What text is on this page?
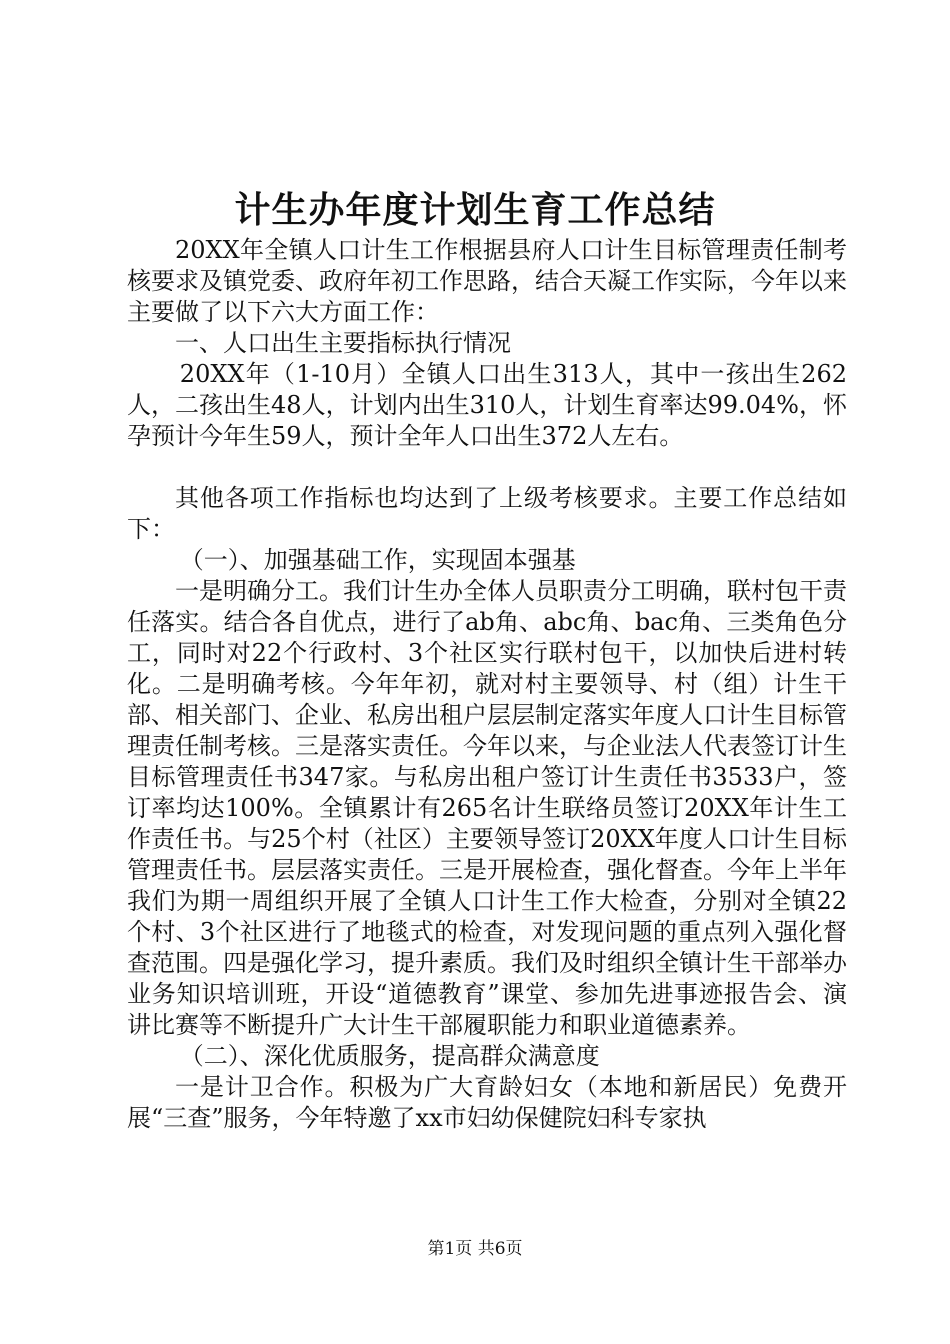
计生办年度计划生育工作总结

20XX年全镇人口计生工作根据县府人口计生目标管理责任制考核要求及镇党委、政府年初工作思路，结合天凝工作实际，今年以来主要做了以下六大方面工作：

一、人口出生主要指标执行情况

20XX年（1-10月）全镇人口出生313人，其中一孩出生262人，二孩出生48人，计划内出生310人，计划生育率达99.04%，怀孕预计今年生59人，预计全年人口出生372人左右。

其他各项工作指标也均达到了上级考核要求。主要工作总结如下：

（一）、加强基础工作，实现固本强基

一是明确分工。我们计生办全体人员职责分工明确，联村包干责任落实。结合各自优点，进行了ab角、abc角、bac角、三类角色分工，同时对22个行政村、3个社区实行联村包干，以加快后进村转化。二是明确考核。今年年初，就对村主要领导、村（组）计生干部、相关部门、企业、私房出租户层层制定落实年度人口计生目标管理责任制考核。三是落实责任。今年以来，与企业法人代表签订计生目标管理责任书347家。与私房出租户签订计生责任书3533户，签订率均达100%。全镇累计有265名计生联络员签订20XX年计生工作责任书。与25个村（社区）主要领导签订20XX年度人口计生目标管理责任书。层层落实责任。三是开展检查，强化督查。今年上半年我们为期一周组织开展了全镇人口计生工作大检查，分别对全镇22个村、3个社区进行了地毯式的检查，对发现问题的重点列入强化督查范围。四是强化学习，提升素质。我们及时组织全镇计生干部举办业务知识培训班，开设“道德教育”课堂、参加先进事迹报告会、演讲比赛等不断提升广大计生干部履职能力和职业道德素养。

（二）、深化优质服务，提高群众满意度

一是计卫合作。积极为广大育龄妇女（本地和新居民）免费开展“三查”服务，今年特邀了xx市妇幼保健院妇科专家执

第1页 共6页
